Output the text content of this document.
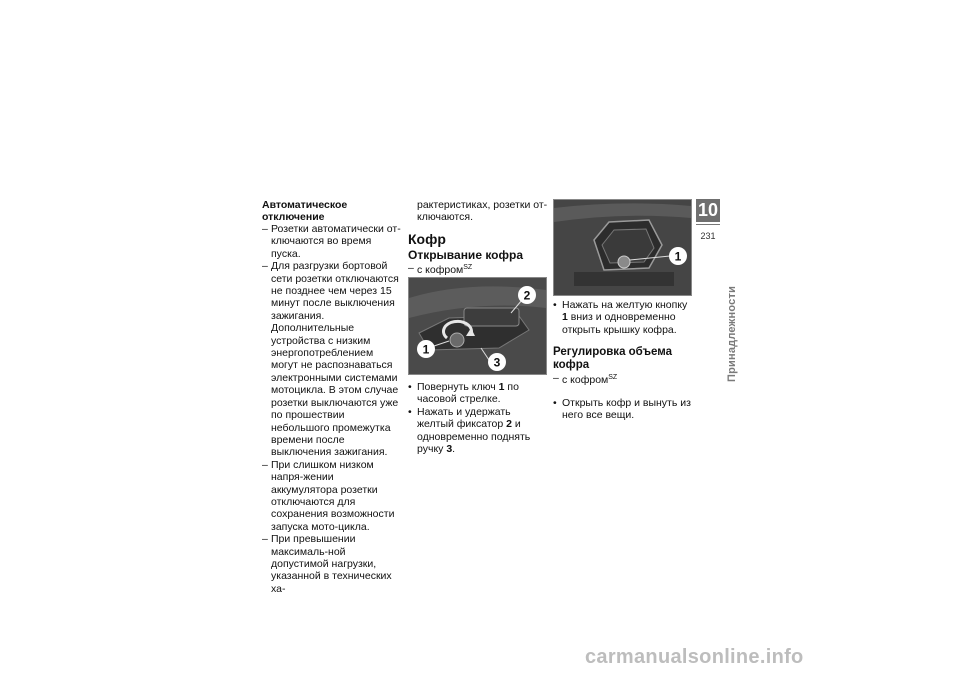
Автоматическое отключение
– Розетки автоматически от-ключаются во время пуска.
– Для разгрузки бортовой сети розетки отключаются не позднее чем через 15 минут после выключения зажигания. Дополнительные устройства с низким энергопотреблением могут не распознаваться электронными системами мотоцикла. В этом случае розетки выключаются уже по прошествии небольшого промежутка времени после выключения зажигания.
– При слишком низком напря-жении аккумулятора розетки отключаются для сохранения возможности запуска мото-цикла.
– При превышении максималь-ной допустимой нагрузки, указанной в технических ха-
рактеристиках, розетки от-ключаются.
Кофр
Открывание кофра
– с кофром$^{SZ}$
2
1
3
• Повернуть ключ 1 по часовой стрелке.
• Нажать и удержать желтый фиксатор 2 и одновременно поднять ручку 3.
1
• Нажать на желтую кнопку 1 вниз и одновременно открыть крышку кофра.
Регулировка объема кофра
– с кофром$^{SZ}$
• Открыть кофр и вынуть из него все вещи.
10
231
Принадлежности
carmanualsonline.info
